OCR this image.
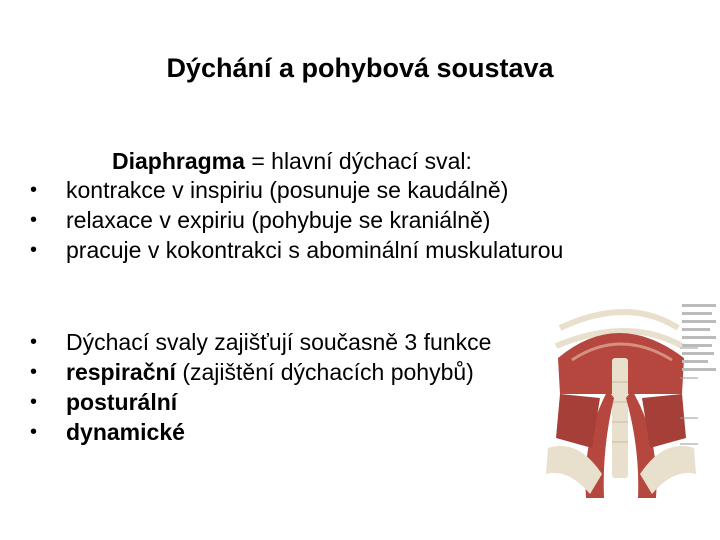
Dýchání a pohybová soustava
Diaphragma = hlavní dýchací sval:
•	kontrakce v inspiriu (posunuje se kaudálně)
•	relaxace v expiriu (pohybuje se kraniálně)
•	pracuje v kokontrakci s abominální muskulaturou
•	Dýchací svaly zajišťují současně 3 funkce
•	respirační (zajištění dýchacích pohybů)
•	posturální
•	dynamické
